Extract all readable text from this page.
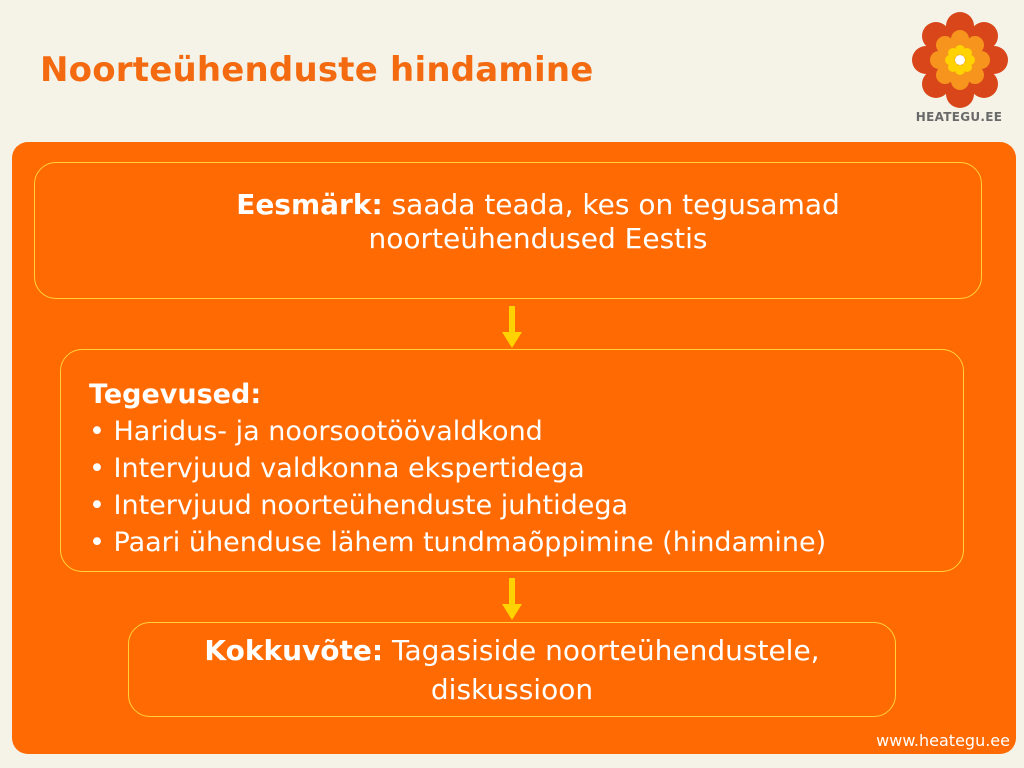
Noorteühenduste hindamine
HEATEGU.EE
Eesmärk: saada teada, kes on tegusamad noorteühendused Eestis
Tegevused:
• Haridus- ja noorsootöövaldkond
• Intervjuud valdkonna ekspertidega
• Intervjuud noorteühenduste juhtidega
• Paari ühenduse lähem tundmaõppimine (hindamine)
Kokkuvõte: Tagasiside noorteühendustele, diskussioon
www.heategu.ee
